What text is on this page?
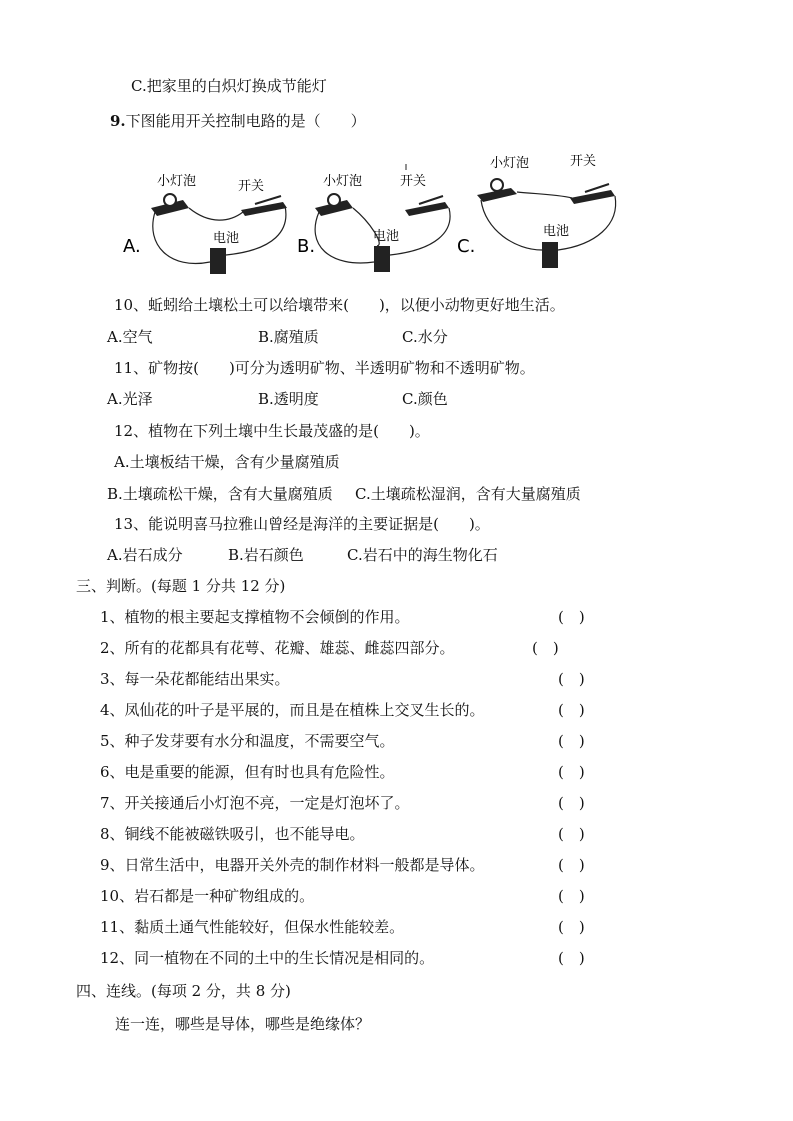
C.把家里的白炽灯换成节能灯
9.下图能用开关控制电路的是（　　）
小灯泡	开关
电池
A.
小灯泡	开关
电池
B.
小灯泡	开关
电池
C.
10、蚯蚓给土壤松土可以给壤带来(　　)，以便小动物更好地生活。
A.空气	B.腐殖质	C.水分
11、矿物按(　　)可分为透明矿物、半透明矿物和不透明矿物。
A.光泽	B.透明度	C.颜色
12、植物在下列土壤中生长最茂盛的是(　　)。
A.土壤板结干燥，含有少量腐殖质
B.土壤疏松干燥，含有大量腐殖质 C.土壤疏松湿润，含有大量腐殖质
13、能说明喜马拉雅山曾经是海洋的主要证据是(　　)。
A.岩石成分	B.岩石颜色	C.岩石中的海生物化石
三、判断。(每题 1 分共 12 分)
1、植物的根主要起支撑植物不会倾倒的作用。	(　)
2、所有的花都具有花萼、花瓣、雄蕊、雌蕊四部分。	(　)
3、每一朵花都能结出果实。	(　)
4、凤仙花的叶子是平展的，而且是在植株上交叉生长的。	(　)
5、种子发芽要有水分和温度，不需要空气。	(　)
6、电是重要的能源，但有时也具有危险性。	(　)
7、开关接通后小灯泡不亮，一定是灯泡坏了。	(　)
8、铜线不能被磁铁吸引，也不能导电。	(　)
9、日常生活中，电器开关外壳的制作材料一般都是导体。	(　)
10、岩石都是一种矿物组成的。	(　)
11、黏质土通气性能较好，但保水性能较差。	(　)
12、同一植物在不同的土中的生长情况是相同的。	(　)
四、连线。(每项 2 分，共 8 分)
连一连，哪些是导体，哪些是绝缘体？
